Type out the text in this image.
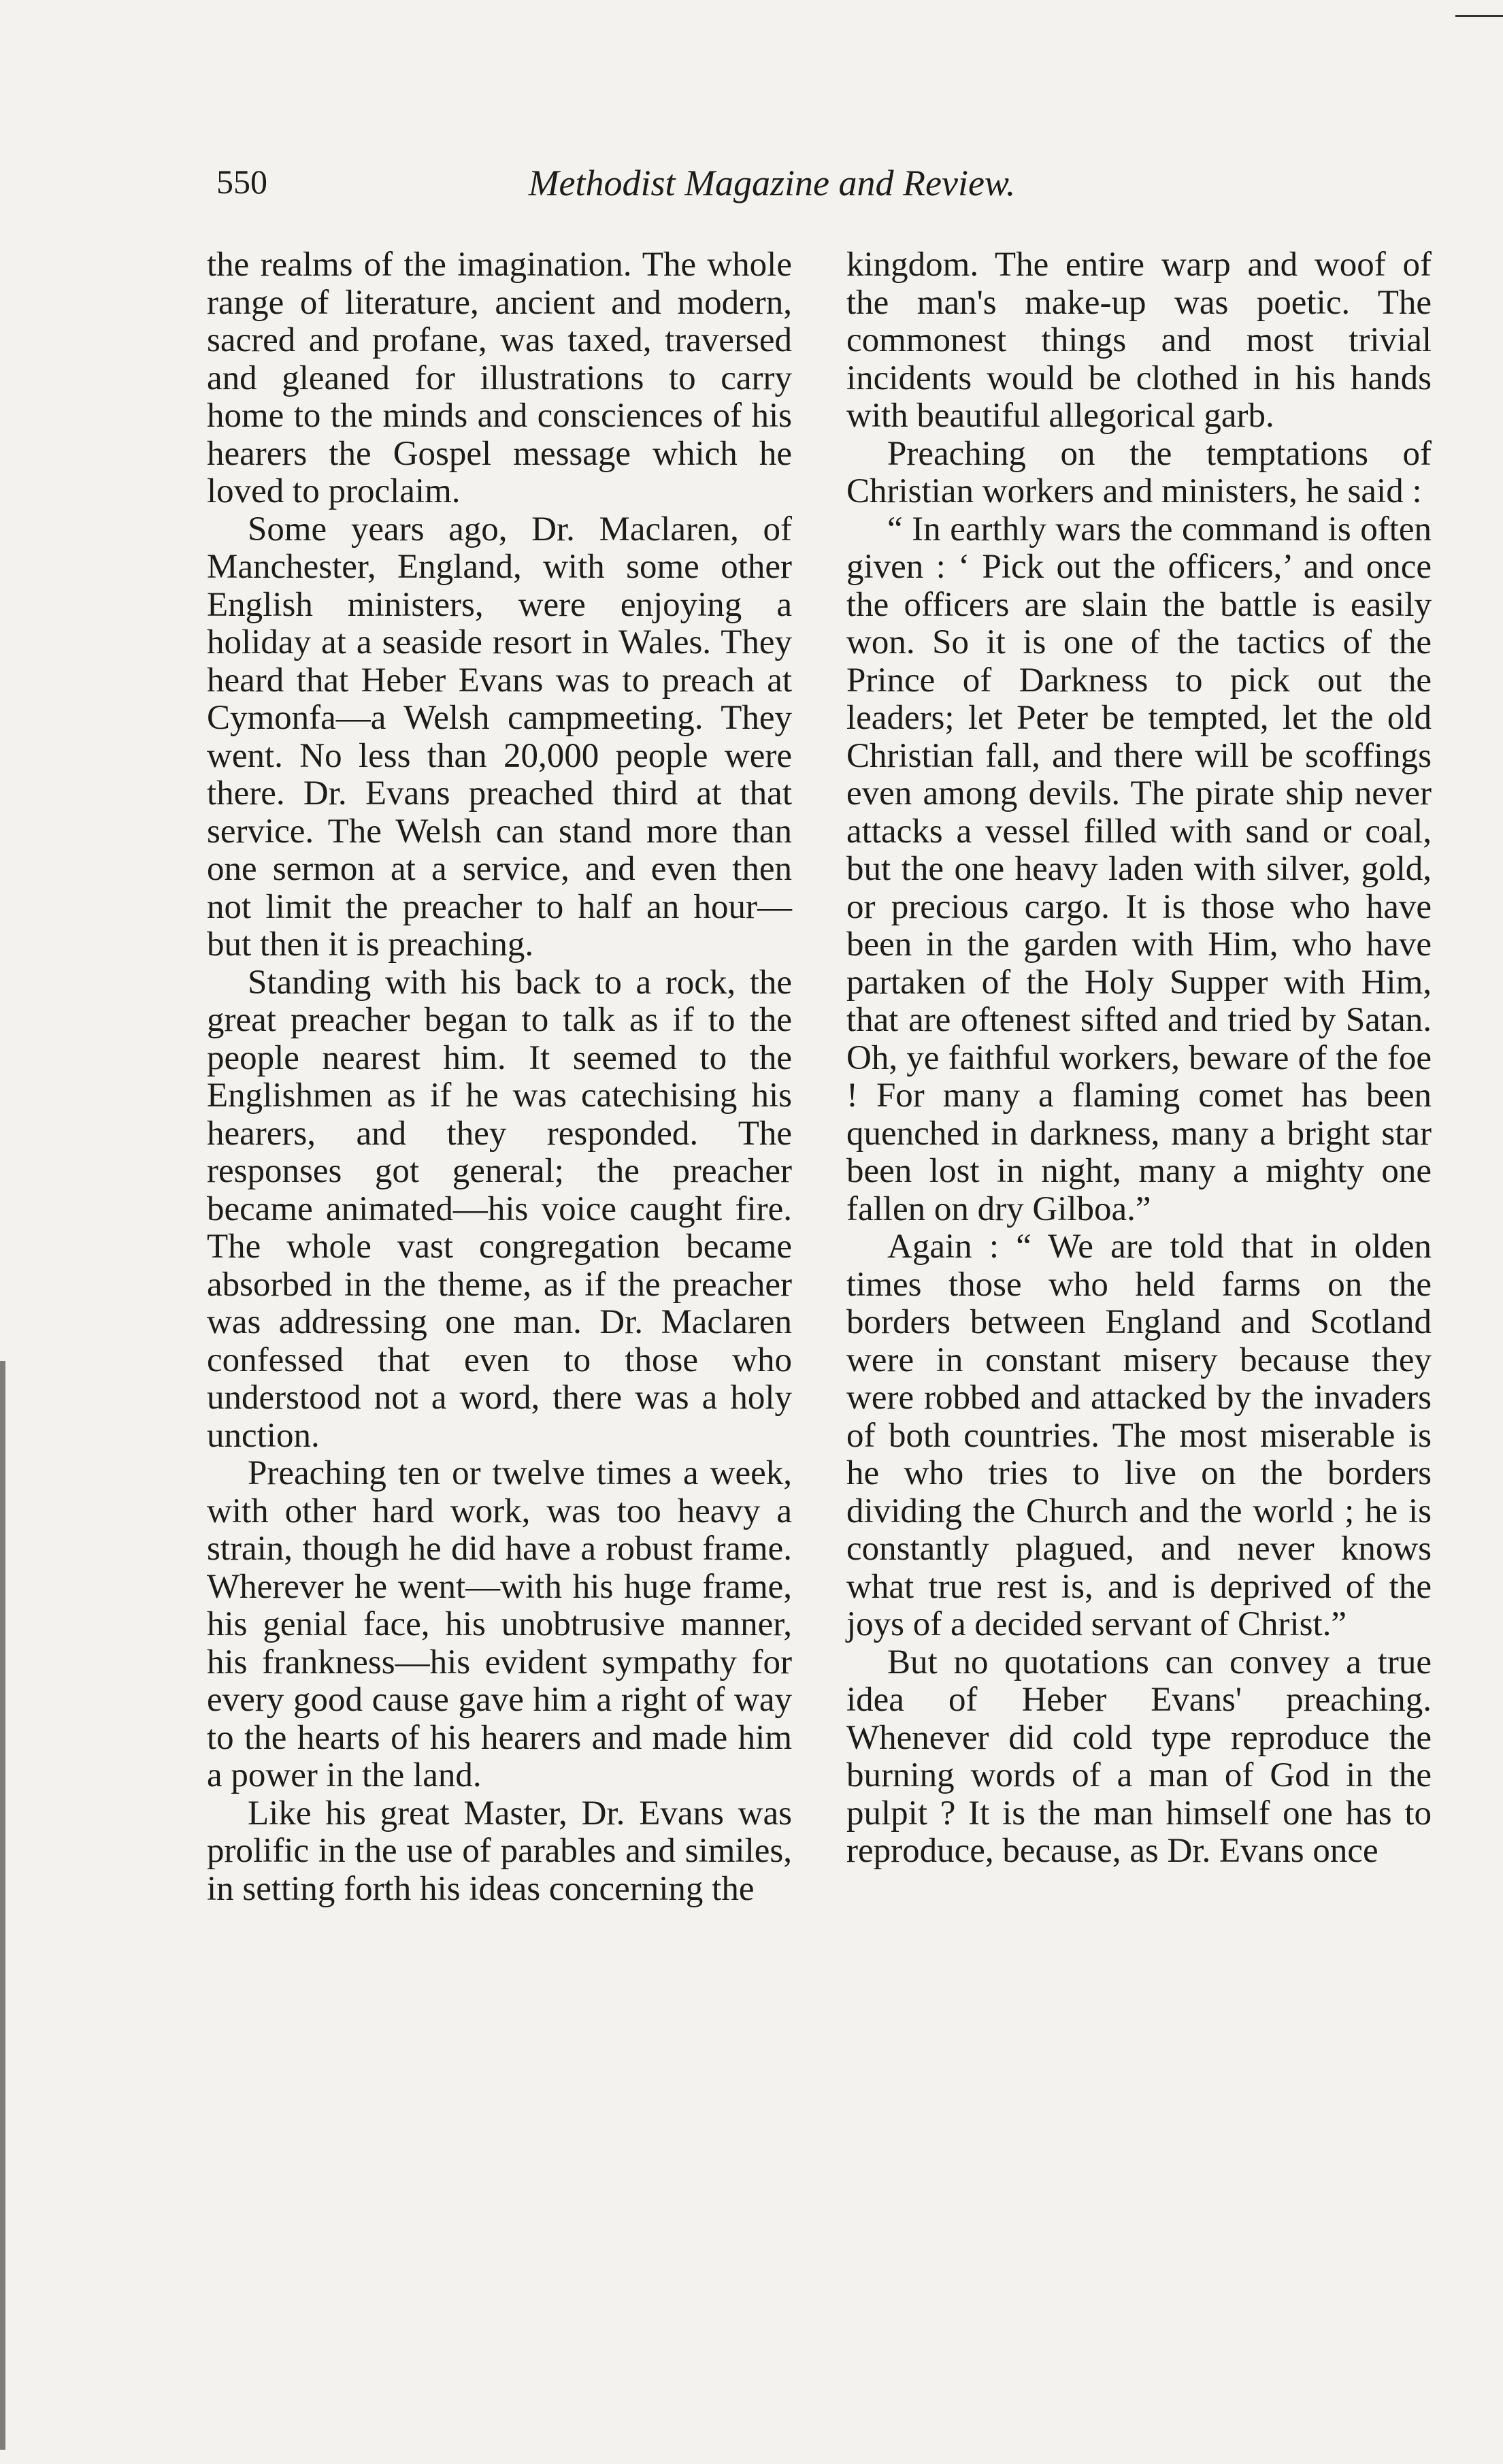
550	Methodist Magazine and Review.

the realms of the imagination. The whole range of literature, ancient and modern, sacred and profane, was taxed, traversed and gleaned for illustrations to carry home to the minds and consciences of his hearers the Gospel message which he loved to proclaim.

Some years ago, Dr. Maclaren, of Manchester, England, with some other English ministers, were enjoying a holiday at a seaside resort in Wales. They heard that Heber Evans was to preach at Cymonfa—a Welsh campmeeting. They went. No less than 20,000 people were there. Dr. Evans preached third at that service. The Welsh can stand more than one sermon at a service, and even then not limit the preacher to half an hour—but then it is preaching.

Standing with his back to a rock, the great preacher began to talk as if to the people nearest him. It seemed to the Englishmen as if he was catechising his hearers, and they responded. The responses got general; the preacher became animated—his voice caught fire. The whole vast congregation became absorbed in the theme, as if the preacher was addressing one man. Dr. Maclaren confessed that even to those who understood not a word, there was a holy unction.

Preaching ten or twelve times a week, with other hard work, was too heavy a strain, though he did have a robust frame. Wherever he went—with his huge frame, his genial face, his unobtrusive manner, his frankness—his evident sympathy for every good cause gave him a right of way to the hearts of his hearers and made him a power in the land.

Like his great Master, Dr. Evans was prolific in the use of parables and similes, in setting forth his ideas concerning the

kingdom. The entire warp and woof of the man's make-up was poetic. The commonest things and most trivial incidents would be clothed in his hands with beautiful allegorical garb.

Preaching on the temptations of Christian workers and ministers, he said :

“ In earthly wars the command is often given : ‘ Pick out the officers,’ and once the officers are slain the battle is easily won. So it is one of the tactics of the Prince of Darkness to pick out the leaders; let Peter be tempted, let the old Christian fall, and there will be scoffings even among devils. The pirate ship never attacks a vessel filled with sand or coal, but the one heavy laden with silver, gold, or precious cargo. It is those who have been in the garden with Him, who have partaken of the Holy Supper with Him, that are oftenest sifted and tried by Satan. Oh, ye faithful workers, beware of the foe ! For many a flaming comet has been quenched in darkness, many a bright star been lost in night, many a mighty one fallen on dry Gilboa.”

Again : “ We are told that in olden times those who held farms on the borders between England and Scotland were in constant misery because they were robbed and attacked by the invaders of both countries. The most miserable is he who tries to live on the borders dividing the Church and the world ; he is constantly plagued, and never knows what true rest is, and is deprived of the joys of a decided servant of Christ.”

But no quotations can convey a true idea of Heber Evans' preaching. Whenever did cold type reproduce the burning words of a man of God in the pulpit ? It is the man himself one has to reproduce, because, as Dr. Evans once
